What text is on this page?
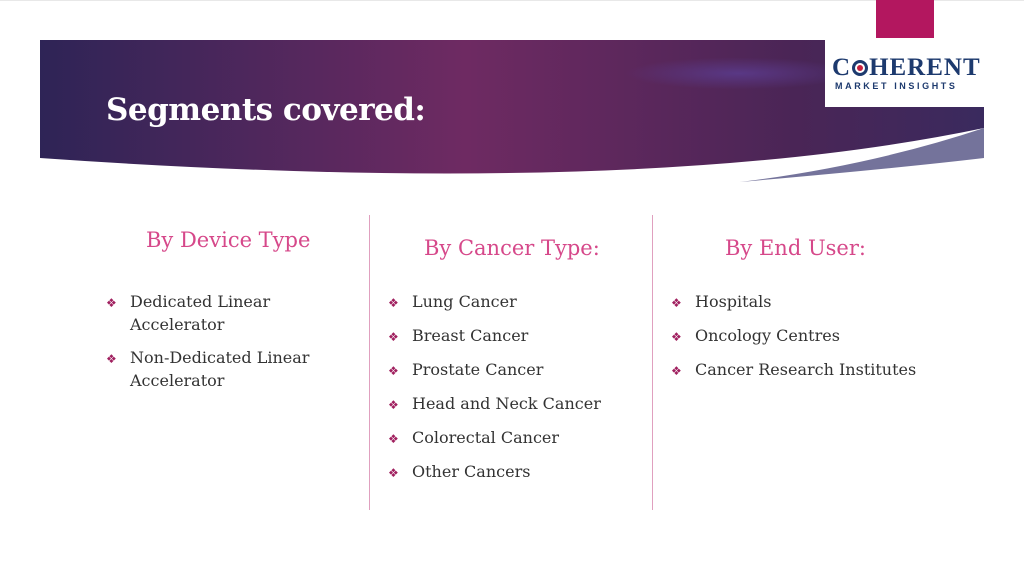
Segments covered:
C HERENT
MARKET INSIGHTS
By Device Type
❖ Dedicated Linear Accelerator
❖ Non-Dedicated Linear Accelerator
By Cancer Type:
❖ Lung Cancer
❖ Breast Cancer
❖ Prostate Cancer
❖ Head and Neck Cancer
❖ Colorectal Cancer
❖ Other Cancers
By End User:
❖ Hospitals
❖ Oncology Centres
❖ Cancer Research Institutes
